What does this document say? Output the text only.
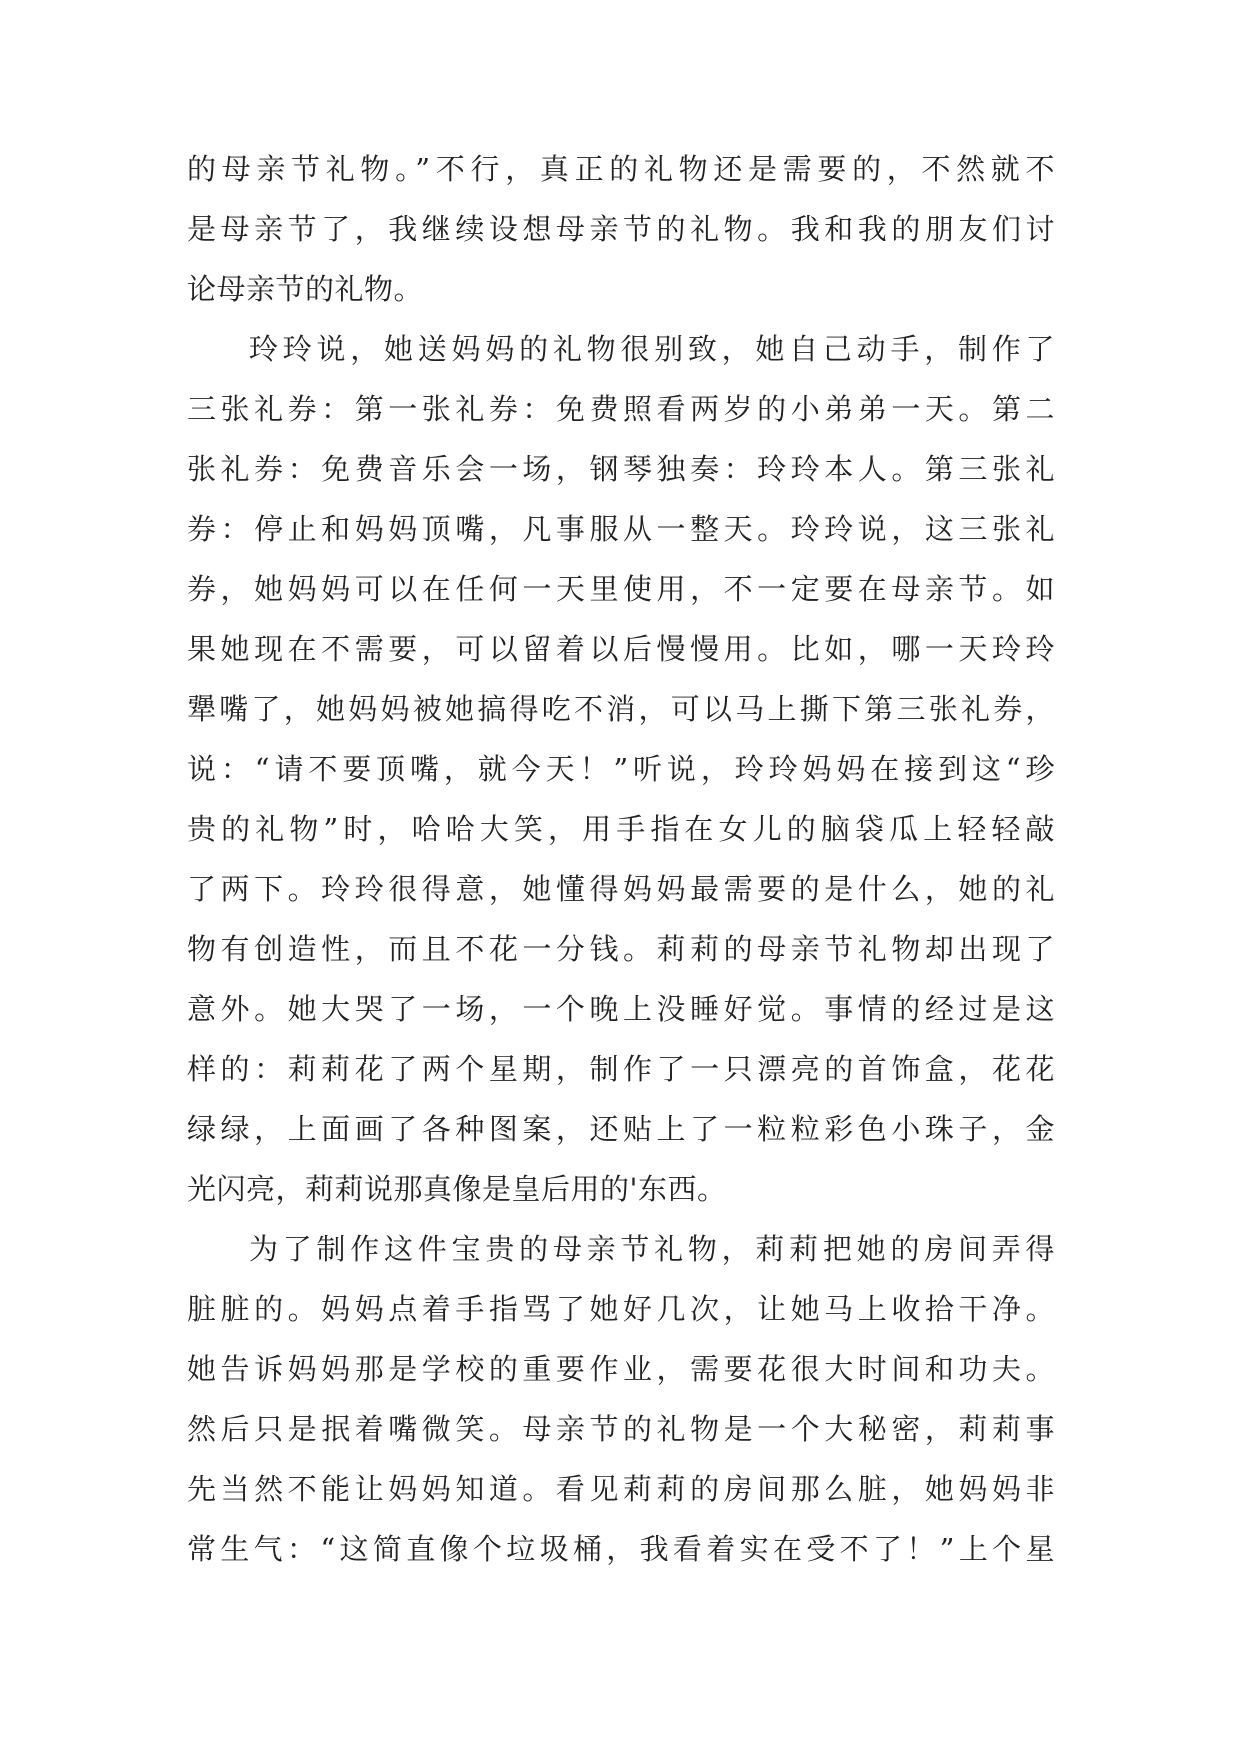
的母亲节礼物。”不行，真正的礼物还是需要的，不然就不
是母亲节了，我继续设想母亲节的礼物。我和我的朋友们讨
论母亲节的礼物。
玲玲说，她送妈妈的礼物很别致，她自己动手，制作了
三张礼券：第一张礼券：免费照看两岁的小弟弟一天。第二
张礼券：免费音乐会一场，钢琴独奏：玲玲本人。第三张礼
券：停止和妈妈顶嘴，凡事服从一整天。玲玲说，这三张礼
券，她妈妈可以在任何一天里使用，不一定要在母亲节。如
果她现在不需要，可以留着以后慢慢用。比如，哪一天玲玲
犟嘴了，她妈妈被她搞得吃不消，可以马上撕下第三张礼券，
说：“请不要顶嘴，就今天！”听说，玲玲妈妈在接到这“珍
贵的礼物”时，哈哈大笑，用手指在女儿的脑袋瓜上轻轻敲
了两下。玲玲很得意，她懂得妈妈最需要的是什么，她的礼
物有创造性，而且不花一分钱。莉莉的母亲节礼物却出现了
意外。她大哭了一场，一个晚上没睡好觉。事情的经过是这
样的：莉莉花了两个星期，制作了一只漂亮的首饰盒，花花
绿绿，上面画了各种图案，还贴上了一粒粒彩色小珠子，金
光闪亮，莉莉说那真像是皇后用的'东西。
为了制作这件宝贵的母亲节礼物，莉莉把她的房间弄得
脏脏的。妈妈点着手指骂了她好几次，让她马上收拾干净。
她告诉妈妈那是学校的重要作业，需要花很大时间和功夫。
然后只是抿着嘴微笑。母亲节的礼物是一个大秘密，莉莉事
先当然不能让妈妈知道。看见莉莉的房间那么脏，她妈妈非
常生气：“这简直像个垃圾桶，我看着实在受不了！”上个星
